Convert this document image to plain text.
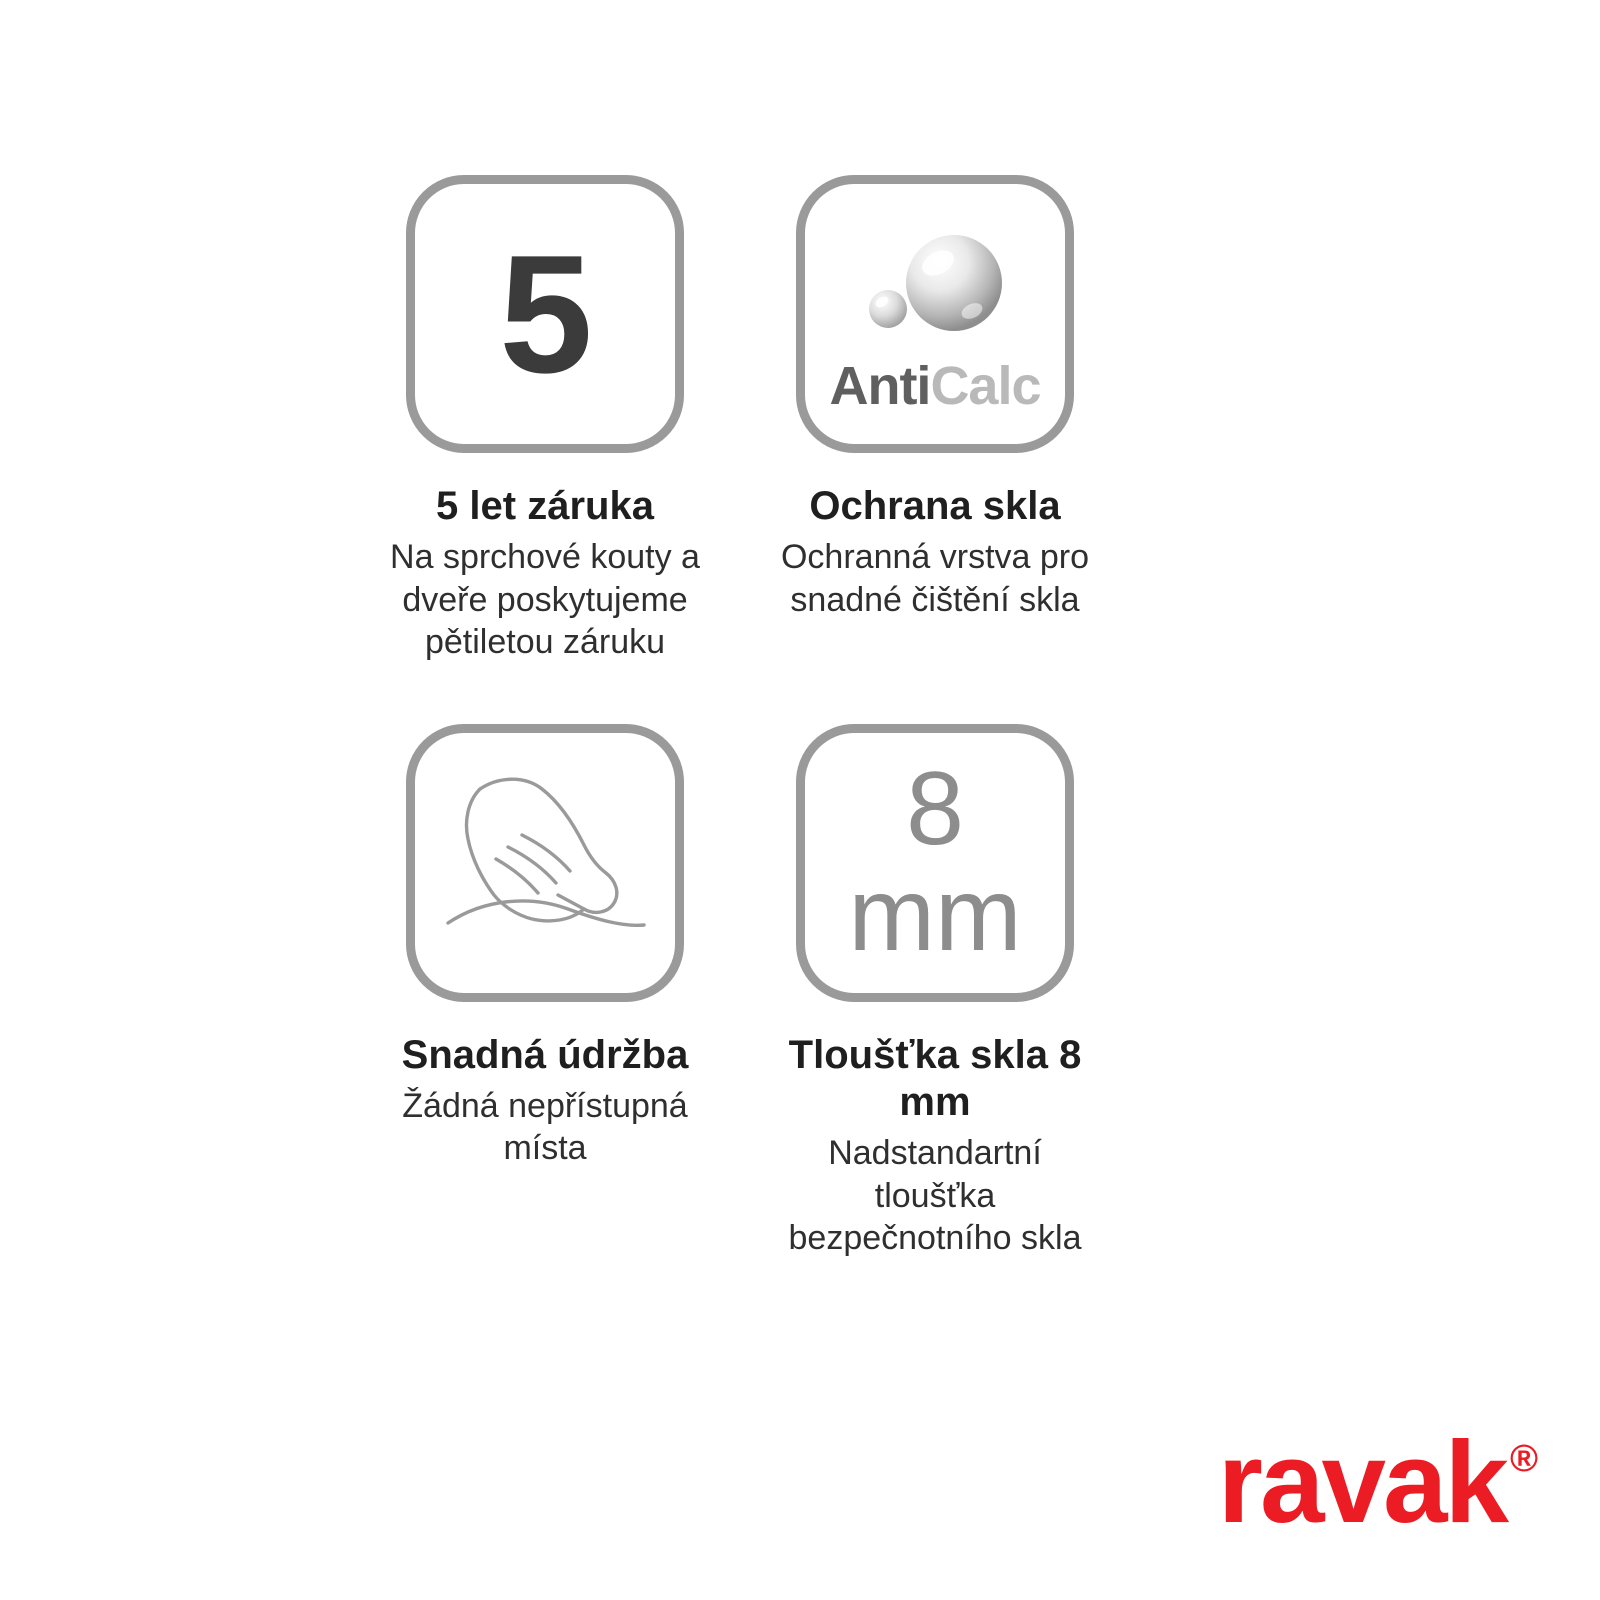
5
5 let záruka
Na sprchové kouty a dveře poskytujeme pětiletou záruku
AntiCalc
Ochrana skla
Ochranná vrstva pro snadné čištění skla
Snadná údržba
Žádná nepřístupná místa
8
mm
Tloušťka skla 8 mm
Nadstandartní tloušťka bezpečnotního skla
ravak ®
